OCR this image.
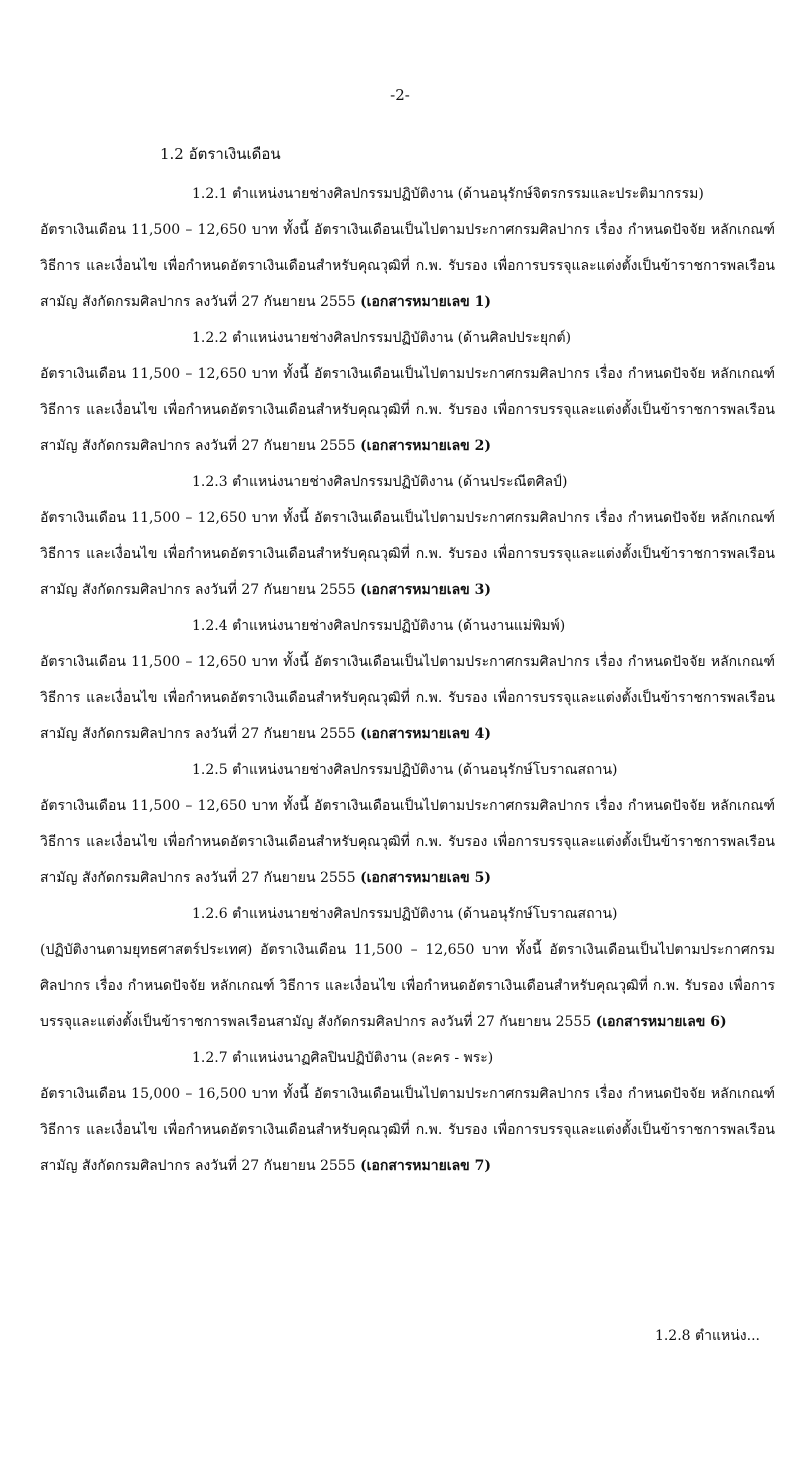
-2-
1.2 อัตราเงินเดือน
1.2.1 ตำแหน่งนายช่างศิลปกรรมปฏิบัติงาน (ด้านอนุรักษ์จิตรกรรมและประติมากรรม)
อัตราเงินเดือน 11,500 – 12,650 บาท ทั้งนี้ อัตราเงินเดือนเป็นไปตามประกาศกรมศิลปากร เรื่อง กำหนดปัจจัย หลักเกณฑ์ วิธีการ และเงื่อนไข เพื่อกำหนดอัตราเงินเดือนสำหรับคุณวุฒิที่ ก.พ. รับรอง เพื่อการบรรจุและแต่งตั้งเป็นข้าราชการพลเรือนสามัญ สังกัดกรมศิลปากร ลงวันที่ 27 กันยายน 2555 (เอกสารหมายเลข 1)
1.2.2 ตำแหน่งนายช่างศิลปกรรมปฏิบัติงาน (ด้านศิลปประยุกต์)
อัตราเงินเดือน 11,500 – 12,650 บาท ทั้งนี้ อัตราเงินเดือนเป็นไปตามประกาศกรมศิลปากร เรื่อง กำหนดปัจจัย หลักเกณฑ์ วิธีการ และเงื่อนไข เพื่อกำหนดอัตราเงินเดือนสำหรับคุณวุฒิที่ ก.พ. รับรอง เพื่อการบรรจุและแต่งตั้งเป็นข้าราชการพลเรือนสามัญ สังกัดกรมศิลปากร ลงวันที่ 27 กันยายน 2555 (เอกสารหมายเลข 2)
1.2.3 ตำแหน่งนายช่างศิลปกรรมปฏิบัติงาน (ด้านประณีตศิลป์)
อัตราเงินเดือน 11,500 – 12,650 บาท ทั้งนี้ อัตราเงินเดือนเป็นไปตามประกาศกรมศิลปากร เรื่อง กำหนดปัจจัย หลักเกณฑ์ วิธีการ และเงื่อนไข เพื่อกำหนดอัตราเงินเดือนสำหรับคุณวุฒิที่ ก.พ. รับรอง เพื่อการบรรจุและแต่งตั้งเป็นข้าราชการพลเรือนสามัญ สังกัดกรมศิลปากร ลงวันที่ 27 กันยายน 2555 (เอกสารหมายเลข 3)
1.2.4 ตำแหน่งนายช่างศิลปกรรมปฏิบัติงาน (ด้านงานแม่พิมพ์)
อัตราเงินเดือน 11,500 – 12,650 บาท ทั้งนี้ อัตราเงินเดือนเป็นไปตามประกาศกรมศิลปากร เรื่อง กำหนดปัจจัย หลักเกณฑ์ วิธีการ และเงื่อนไข เพื่อกำหนดอัตราเงินเดือนสำหรับคุณวุฒิที่ ก.พ. รับรอง เพื่อการบรรจุและแต่งตั้งเป็นข้าราชการพลเรือนสามัญ สังกัดกรมศิลปากร ลงวันที่ 27 กันยายน 2555 (เอกสารหมายเลข 4)
1.2.5 ตำแหน่งนายช่างศิลปกรรมปฏิบัติงาน (ด้านอนุรักษ์โบราณสถาน)
อัตราเงินเดือน 11,500 – 12,650 บาท ทั้งนี้ อัตราเงินเดือนเป็นไปตามประกาศกรมศิลปากร เรื่อง กำหนดปัจจัย หลักเกณฑ์ วิธีการ และเงื่อนไข เพื่อกำหนดอัตราเงินเดือนสำหรับคุณวุฒิที่ ก.พ. รับรอง เพื่อการบรรจุและแต่งตั้งเป็นข้าราชการพลเรือนสามัญ สังกัดกรมศิลปากร ลงวันที่ 27 กันยายน 2555 (เอกสารหมายเลข 5)
1.2.6 ตำแหน่งนายช่างศิลปกรรมปฏิบัติงาน (ด้านอนุรักษ์โบราณสถาน)
(ปฏิบัติงานตามยุทธศาสตร์ประเทศ) อัตราเงินเดือน 11,500 – 12,650 บาท ทั้งนี้ อัตราเงินเดือนเป็นไปตามประกาศกรมศิลปากร เรื่อง กำหนดปัจจัย หลักเกณฑ์ วิธีการ และเงื่อนไข เพื่อกำหนดอัตราเงินเดือนสำหรับคุณวุฒิที่ ก.พ. รับรอง เพื่อการบรรจุและแต่งตั้งเป็นข้าราชการพลเรือนสามัญ สังกัดกรมศิลปากร ลงวันที่ 27 กันยายน 2555 (เอกสารหมายเลข 6)
1.2.7 ตำแหน่งนาฏศิลปินปฏิบัติงาน (ละคร - พระ)
อัตราเงินเดือน 15,000 – 16,500 บาท ทั้งนี้ อัตราเงินเดือนเป็นไปตามประกาศกรมศิลปากร เรื่อง กำหนดปัจจัย หลักเกณฑ์ วิธีการ และเงื่อนไข เพื่อกำหนดอัตราเงินเดือนสำหรับคุณวุฒิที่ ก.พ. รับรอง เพื่อการบรรจุและแต่งตั้งเป็นข้าราชการพลเรือนสามัญ สังกัดกรมศิลปากร ลงวันที่ 27 กันยายน 2555 (เอกสารหมายเลข 7)
1.2.8 ตำแหน่ง...
